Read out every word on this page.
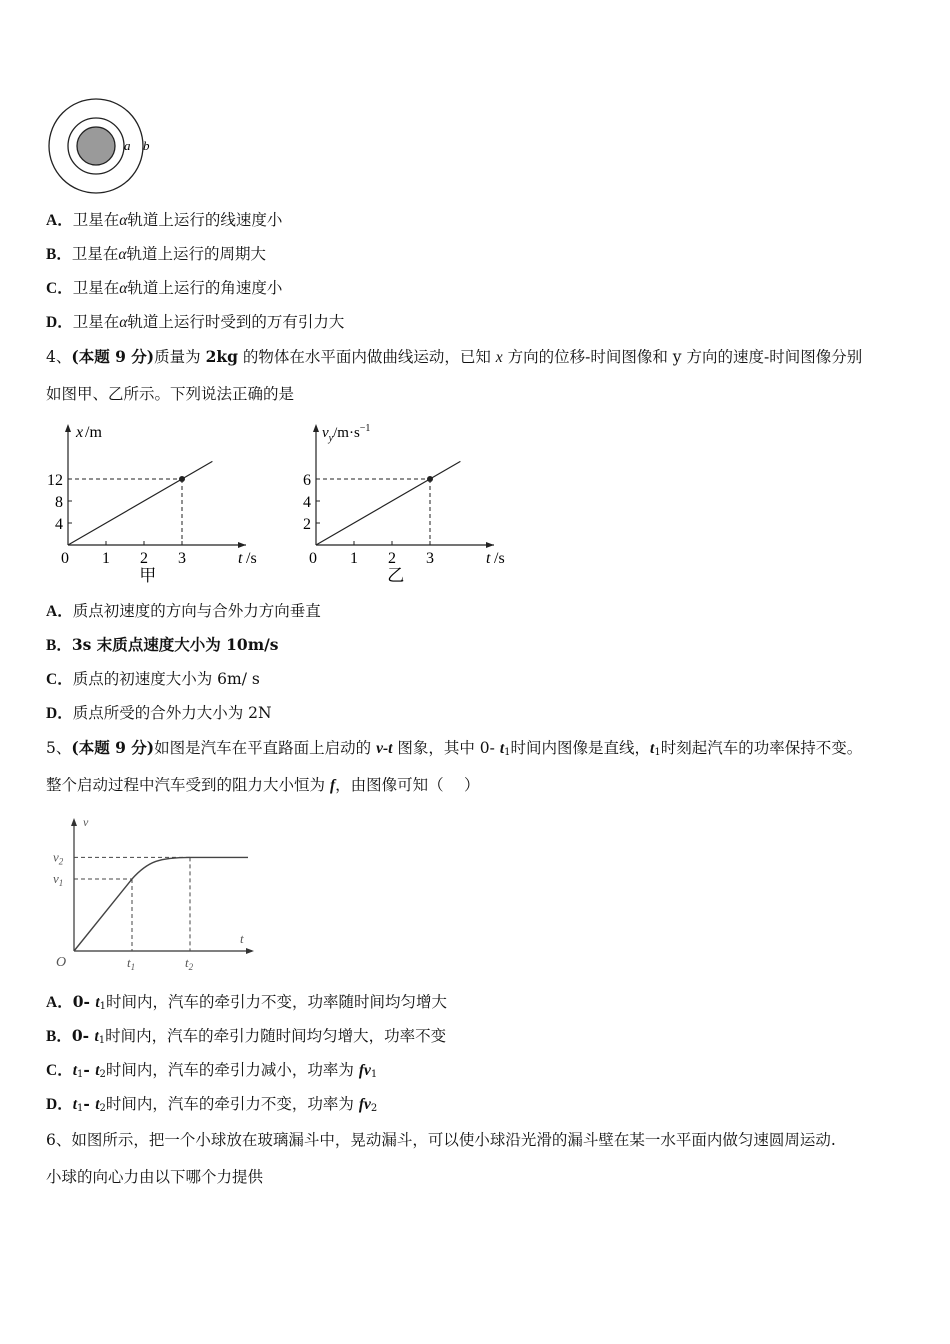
a b
A．卫星在α轨道上运行的线速度小
B．卫星在α轨道上运行的周期大
C．卫星在α轨道上运行的角速度小
D．卫星在α轨道上运行时受到的万有引力大
4、(本题 9 分)质量为 2kg 的物体在水平面内做曲线运动，已知 x 方向的位移-时间图像和 y 方向的速度-时间图像分别
如图甲、乙所示。下列说法正确的是
4
8
12
0 1 2 3	t /s
甲
x /m
2
4
6
0 1 2 3	t /s
乙
$v_y/m\cdot s^{-1}$
A．质点初速度的方向与合外力方向垂直
B．3s 末质点速度大小为 10m/s
C．质点的初速度大小为 6m/ s
D．质点所受的合外力大小为 2N
5、(本题 9 分)如图是汽车在平直路面上启动的 v-t 图象，其中 0- $t_1$时间内图像是直线，$t_1$时刻起汽车的功率保持不变。
整个启动过程中汽车受到的阻力大小恒为 f，由图像可知（　 ）
v
t
O
$v_2$
$v_1$
$t_1$	$t_2$
A．0- $t_1$时间内，汽车的牵引力不变，功率随时间均匀增大
B．0- $t_1$时间内，汽车的牵引力随时间均匀增大，功率不变
C．$t_1-$ $t_2$时间内，汽车的牵引力减小，功率为 $fv_1$
D．$t_1-$ $t_2$时间内，汽车的牵引力不变，功率为 $fv_2$
6、如图所示，把一个小球放在玻璃漏斗中，晃动漏斗，可以使小球沿光滑的漏斗壁在某一水平面内做匀速圆周运动.
小球的向心力由以下哪个力提供
